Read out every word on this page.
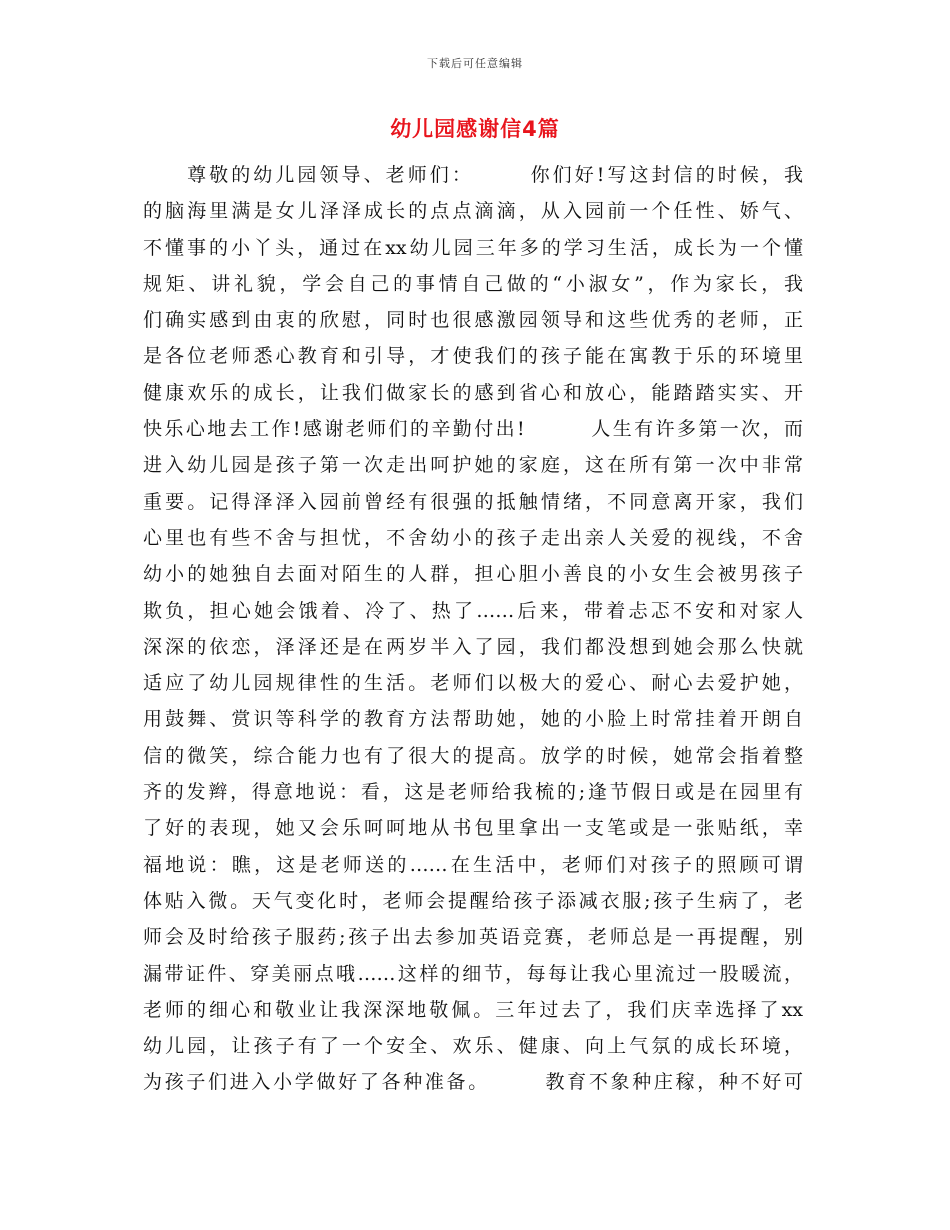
下载后可任意编辑
幼儿园感谢信4篇
　　尊敬的幼儿园领导、老师们：　　　你们好!写这封信的时候，我
的脑海里满是女儿泽泽成长的点点滴滴，从入园前一个任性、娇气、
不懂事的小丫头，通过在xx幼儿园三年多的学习生活，成长为一个懂
规矩、讲礼貌，学会自己的事情自己做的“小淑女”，作为家长，我
们确实感到由衷的欣慰，同时也很感激园领导和这些优秀的老师，正
是各位老师悉心教育和引导，才使我们的孩子能在寓教于乐的环境里
健康欢乐的成长，让我们做家长的感到省心和放心，能踏踏实实、开
快乐心地去工作!感谢老师们的辛勤付出!　　　人生有许多第一次，而
进入幼儿园是孩子第一次走出呵护她的家庭，这在所有第一次中非常
重要。记得泽泽入园前曾经有很强的抵触情绪，不同意离开家，我们
心里也有些不舍与担忧，不舍幼小的孩子走出亲人关爱的视线，不舍
幼小的她独自去面对陌生的人群，担心胆小善良的小女生会被男孩子
欺负，担心她会饿着、冷了、热了……后来，带着忐忑不安和对家人
深深的依恋，泽泽还是在两岁半入了园，我们都没想到她会那么快就
适应了幼儿园规律性的生活。老师们以极大的爱心、耐心去爱护她，
用鼓舞、赏识等科学的教育方法帮助她，她的小脸上时常挂着开朗自
信的微笑，综合能力也有了很大的提高。放学的时候，她常会指着整
齐的发辫，得意地说：看，这是老师给我梳的;逢节假日或是在园里有
了好的表现，她又会乐呵呵地从书包里拿出一支笔或是一张贴纸，幸
福地说：瞧，这是老师送的……在生活中，老师们对孩子的照顾可谓
体贴入微。天气变化时，老师会提醒给孩子添减衣服;孩子生病了，老
师会及时给孩子服药;孩子出去参加英语竞赛，老师总是一再提醒，别
漏带证件、穿美丽点哦……这样的细节，每每让我心里流过一股暖流，
老师的细心和敬业让我深深地敬佩。三年过去了，我们庆幸选择了xx
幼儿园，让孩子有了一个安全、欢乐、健康、向上气氛的成长环境，
为孩子们进入小学做好了各种准备。　　　教育不象种庄稼，种不好可
